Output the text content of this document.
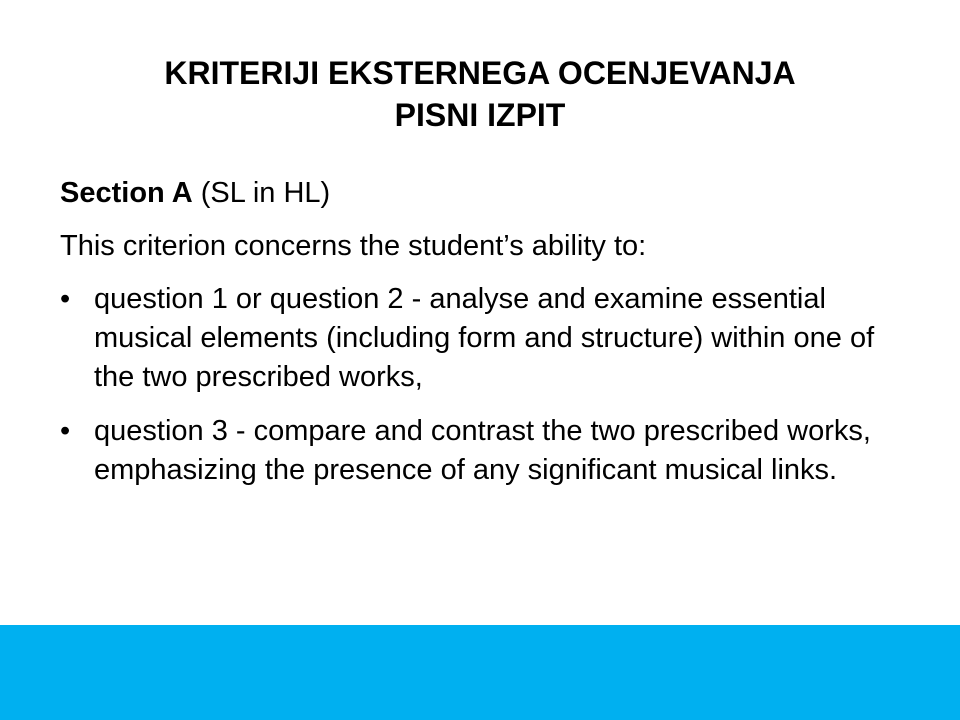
KRITERIJI EKSTERNEGA OCENJEVANJA
PISNI IZPIT

Section A (SL in HL)

This criterion concerns the student’s ability to:

• question 1 or question 2 - analyse and examine essential musical elements (including form and structure) within one of the two prescribed works,
• question 3 - compare and contrast the two prescribed works, emphasizing the presence of any significant musical links.
